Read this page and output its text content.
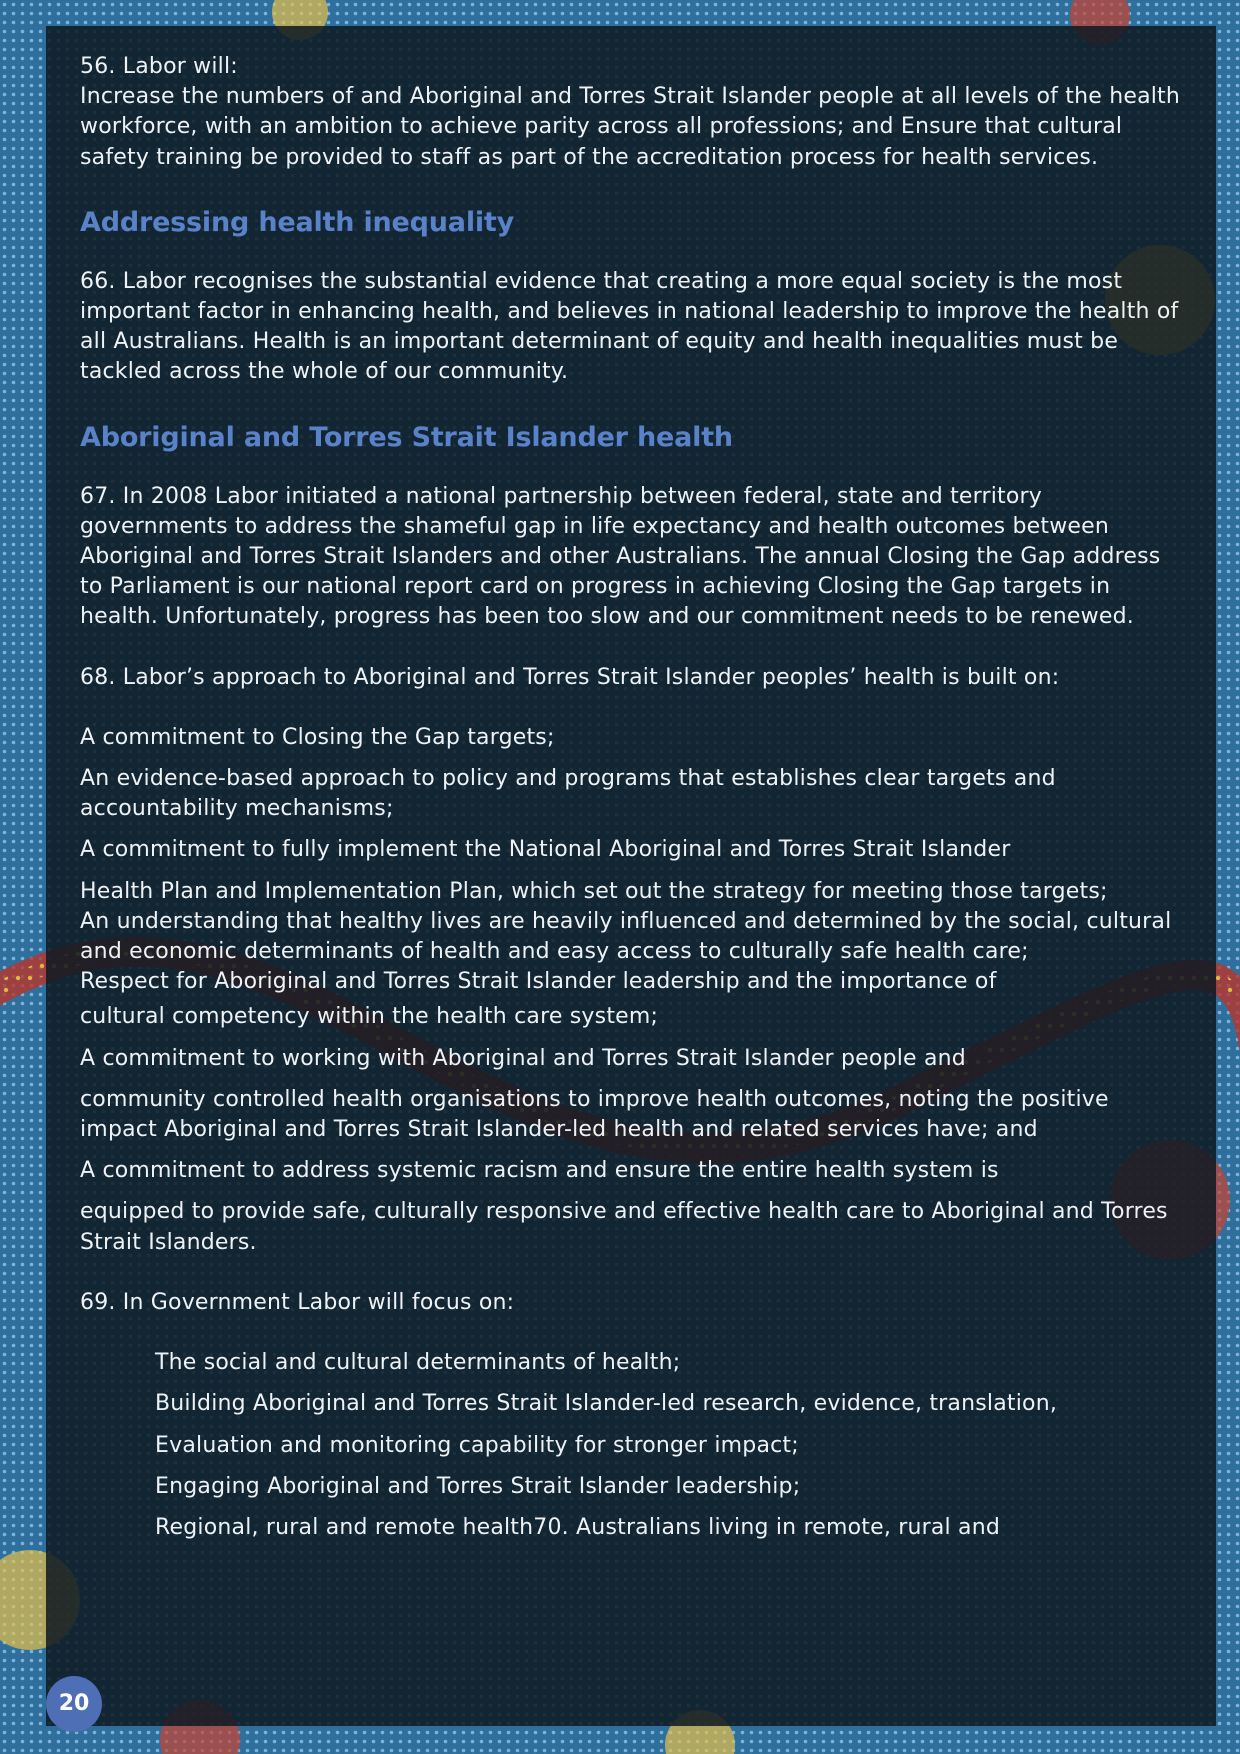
56. Labor will:

Increase the numbers of and Aboriginal and Torres Strait Islander people at all levels of the health workforce, with an ambition to achieve parity across all professions; and Ensure that cultural safety training be provided to staff as part of the accreditation process for health services.

Addressing health inequality

66. Labor recognises the substantial evidence that creating a more equal society is the most important factor in enhancing health, and believes in national leadership to improve the health of all Australians. Health is an important determinant of equity and health inequalities must be tackled across the whole of our community.

Aboriginal and Torres Strait Islander health

67. In 2008 Labor initiated a national partnership between federal, state and territory governments to address the shameful gap in life expectancy and health outcomes between Aboriginal and Torres Strait Islanders and other Australians. The annual Closing the Gap address to Parliament is our national report card on progress in achieving Closing the Gap targets in health. Unfortunately, progress has been too slow and our commitment needs to be renewed.

68. Labor’s approach to Aboriginal and Torres Strait Islander peoples’ health is built on:

A commitment to Closing the Gap targets;

An evidence-based approach to policy and programs that establishes clear targets and accountability mechanisms;

A commitment to fully implement the National Aboriginal and Torres Strait Islander

Health Plan and Implementation Plan, which set out the strategy for meeting those targets;

An understanding that healthy lives are heavily influenced and determined by the social, cultural and economic determinants of health and easy access to culturally safe health care;

Respect for Aboriginal and Torres Strait Islander leadership and the importance of

cultural competency within the health care system;

A commitment to working with Aboriginal and Torres Strait Islander people and

community controlled health organisations to improve health outcomes, noting the positive impact Aboriginal and Torres Strait Islander-led health and related services have; and

A commitment to address systemic racism and ensure the entire health system is

equipped to provide safe, culturally responsive and effective health care to Aboriginal and Torres Strait Islanders.

69. In Government Labor will focus on:

The social and cultural determinants of health;

Building Aboriginal and Torres Strait Islander-led research, evidence, translation,

Evaluation and monitoring capability for stronger impact;

Engaging Aboriginal and Torres Strait Islander leadership;

Regional, rural and remote health70. Australians living in remote, rural and

20
